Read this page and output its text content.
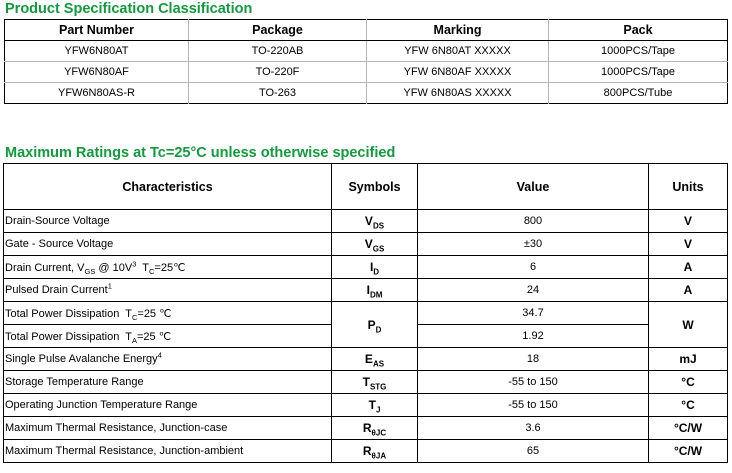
Product Specification Classification
Part Number	Package	Marking	Pack
YFW6N80AT	TO-220AB	YFW 6N80AT XXXXX	1000PCS/Tape
YFW6N80AF	TO-220F	YFW 6N80AF XXXXX	1000PCS/Tape
YFW6N80AS-R	TO-263	YFW 6N80AS XXXXX	800PCS/Tube
Maximum Ratings at Tc=25°C unless otherwise specified
Characteristics	Symbols	Value	Units
Drain-Source Voltage	$V_{DS}$	800	V
Gate - Source Voltage	$V_{GS}$	±30	V
Drain Current, $V_{GS}$ @ $10V^3$  $T_C=25℃$	$I_D$	6	A
Pulsed Drain Current$^1$	$I_{DM}$	24	A
Total Power Dissipation  $T_C=25$ ℃	$P_D$	34.7	W
Total Power Dissipation  $T_A=25$ ℃		1.92	
Single Pulse Avalanche Energy$^4$	$E_{AS}$	18	mJ
Storage Temperature Range	$T_{STG}$	-55 to 150	°C
Operating Junction Temperature Range	$T_J$	-55 to 150	°C
Maximum Thermal Resistance, Junction-case	$R_{\theta JC}$	3.6	°C/W
Maximum Thermal Resistance, Junction-ambient	$R_{\theta JA}$	65	°C/W
